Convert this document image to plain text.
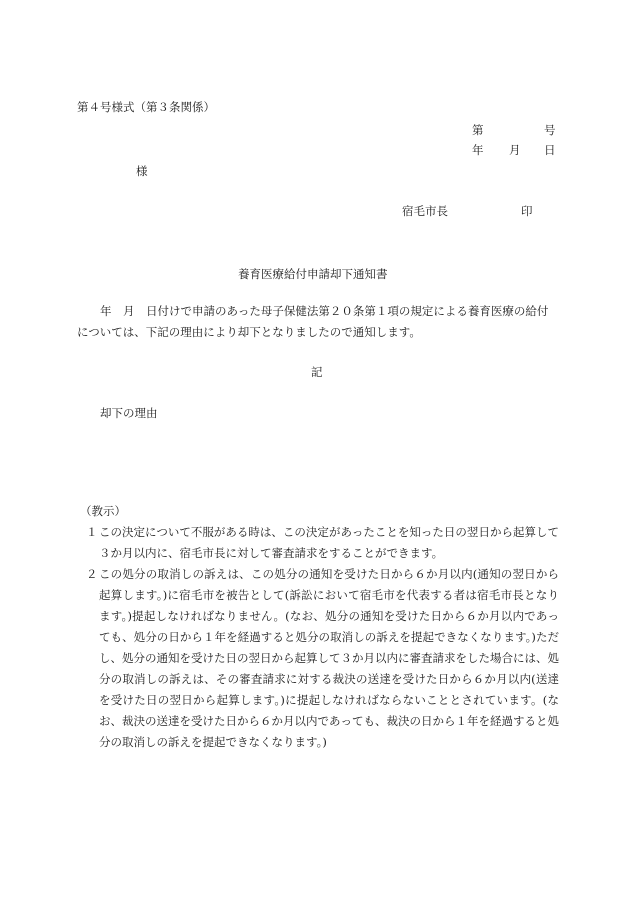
第４号様式（第３条関係）
第	号
年 月 日
様
宿毛市長	印
養育医療給付申請却下通知書

年　月　日付けで申請のあった母子保健法第２０条第１項の規定による養育医療の給付

については、下記の理由により却下となりましたので通知します。

記
却下の理由
（教示）
１ この決定について不服がある時は、この決定があったことを知った日の翌日から起算して３か月以内に、宿毛市長に対して審査請求をすることができます。
２ この処分の取消しの訴えは、この処分の通知を受けた日から６か月以内(通知の翌日から起算します。)に宿毛市を被告として(訴訟において宿毛市を代表する者は宿毛市長となります。)提起しなければなりません。(なお、処分の通知を受けた日から６か月以内であっても、処分の日から１年を経過すると処分の取消しの訴えを提起できなくなります。)ただし、処分の通知を受けた日の翌日から起算して３か月以内に審査請求をした場合には、処分の取消しの訴えは、その審査請求に対する裁決の送達を受けた日から６か月以内(送達を受けた日の翌日から起算します。)に提起しなければならないこととされています。(なお、裁決の送達を受けた日から６か月以内であっても、裁決の日から１年を経過すると処分の取消しの訴えを提起できなくなります。)
